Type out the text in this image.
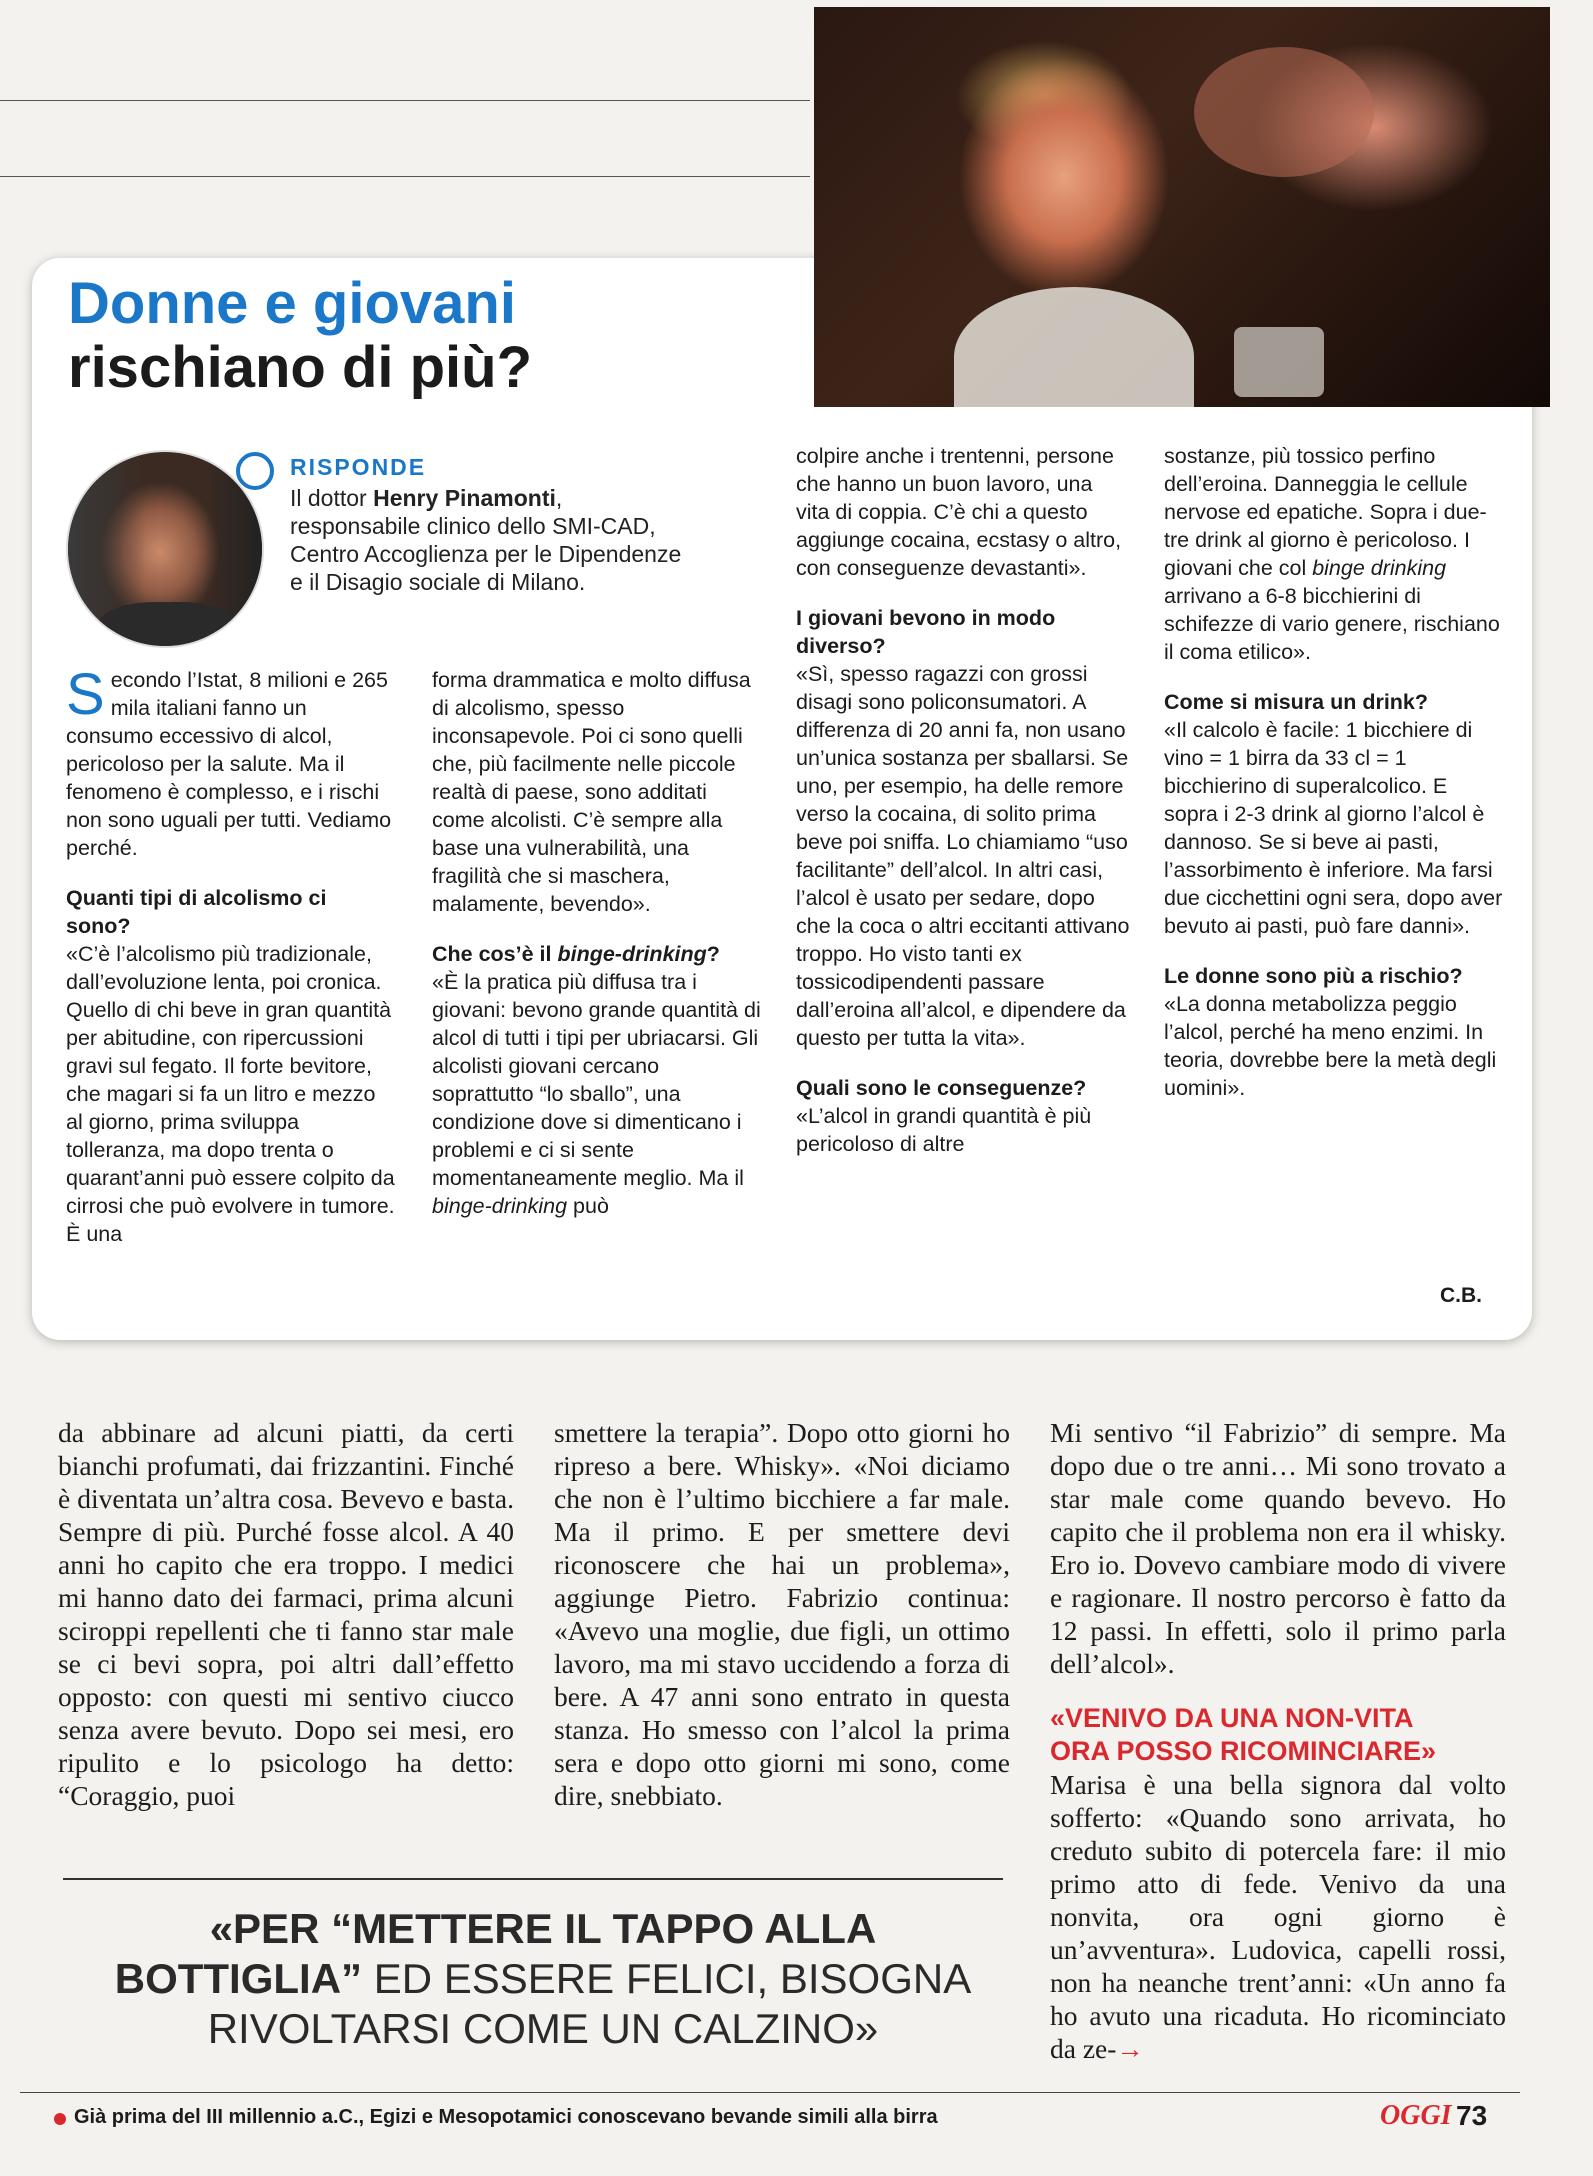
Donne e giovani
rischiano di più?
RISPONDE
Il dottor Henry Pinamonti,
responsabile clinico dello SMI-CAD,
Centro Accoglienza per le Dipendenze
e il Disagio sociale di Milano.

Secondo l’Istat, 8 milioni e 265 mila italiani fanno un consumo eccessivo di alcol, pericoloso per la salute. Ma il fenomeno è complesso, e i rischi non sono uguali per tutti. Vediamo perché.

Quanti tipi di alcolismo ci sono?

«C’è l’alcolismo più tradizionale, dall’evoluzione lenta, poi cronica. Quello di chi beve in gran quantità per abitudine, con ripercussioni gravi sul fegato. Il forte bevitore, che magari si fa un litro e mezzo al giorno, prima sviluppa tolleranza, ma dopo trenta o quarant’anni può essere colpito da cirrosi che può evolvere in tumore. È una

forma drammatica e molto diffusa di alcolismo, spesso inconsapevole. Poi ci sono quelli che, più facilmente nelle piccole realtà di paese, sono additati come alcolisti. C’è sempre alla base una vulnerabilità, una fragilità che si maschera, malamente, bevendo».

Che cos’è il binge-drinking?

«È la pratica più diffusa tra i giovani: bevono grande quantità di alcol di tutti i tipi per ubriacarsi. Gli alcolisti giovani cercano soprattutto “lo sballo”, una condizione dove si dimenticano i problemi e ci si sente momentaneamente meglio. Ma il binge-drinking può

colpire anche i trentenni, persone che hanno un buon lavoro, una vita di coppia. C’è chi a questo aggiunge cocaina, ecstasy o altro, con conseguenze devastanti».

I giovani bevono in modo diverso?

«Sì, spesso ragazzi con grossi disagi sono policonsumatori. A differenza di 20 anni fa, non usano un’unica sostanza per sballarsi. Se uno, per esempio, ha delle remore verso la cocaina, di solito prima beve poi sniffa. Lo chiamiamo “uso facilitante” dell’alcol. In altri casi, l’alcol è usato per sedare, dopo che la coca o altri eccitanti attivano troppo. Ho visto tanti ex tossicodipendenti passare dall’eroina all’alcol, e dipendere da questo per tutta la vita».

Quali sono le conseguenze?

«L’alcol in grandi quantità è più pericoloso di altre

sostanze, più tossico perfino dell’eroina. Danneggia le cellule nervose ed epatiche. Sopra i due-tre drink al giorno è pericoloso. I giovani che col binge drinking arrivano a 6-8 bicchierini di schifezze di vario genere, rischiano il coma etilico».

Come si misura un drink?

«Il calcolo è facile: 1 bicchiere di vino = 1 birra da 33 cl = 1 bicchierino di superalcolico. E sopra i 2-3 drink al giorno l’alcol è dannoso. Se si beve ai pasti, l’assorbimento è inferiore. Ma farsi due cicchettini ogni sera, dopo aver bevuto ai pasti, può fare danni».

Le donne sono più a rischio?

«La donna metabolizza peggio l’alcol, perché ha meno enzimi. In teoria, dovrebbe bere la metà degli uomini».

C.B.

da abbinare ad alcuni piatti, da certi bianchi profumati, dai frizzantini. Finché è diventata un’altra cosa. Bevevo e basta. Sempre di più. Purché fosse alcol. A 40 anni ho capito che era troppo. I medici mi hanno dato dei farmaci, prima alcuni sciroppi repellenti che ti fanno star male se ci bevi sopra, poi altri dall’effetto opposto: con questi mi sentivo ciucco senza avere bevuto. Dopo sei mesi, ero ripulito e lo psicologo ha detto: “Coraggio, puoi

smettere la terapia”. Dopo otto giorni ho ripreso a bere. Whisky». «Noi diciamo che non è l’ultimo bicchiere a far male. Ma il primo. E per smettere devi riconoscere che hai un problema», aggiunge Pietro. Fabrizio continua: «Avevo una moglie, due figli, un ottimo lavoro, ma mi stavo uccidendo a forza di bere. A 47 anni sono entrato in questa stanza. Ho smesso con l’alcol la prima sera e dopo otto giorni mi sono, come dire, snebbiato.

Mi sentivo “il Fabrizio” di sempre. Ma dopo due o tre anni… Mi sono trovato a star male come quando bevevo. Ho capito che il problema non era il whisky. Ero io. Dovevo cambiare modo di vivere e ragionare. Il nostro percorso è fatto da 12 passi. In effetti, solo il primo parla dell’alcol».

«VENIVO DA UNA NON-VITA
ORA POSSO RICOMINCIARE»

Marisa è una bella signora dal volto sofferto: «Quando sono arrivata, ho creduto subito di potercela fare: il mio primo atto di fede. Venivo da una nonvita, ora ogni giorno è un’avventura». Ludovica, capelli rossi, non ha neanche trent’anni: «Un anno fa ho avuto una ricaduta. Ho ricominciato da ze-→

«PER “METTERE IL TAPPO ALLA
BOTTIGLIA” ED ESSERE FELICI, BISOGNA
RIVOLTARSI COME UN CALZINO»
Già prima del III millennio a.C., Egizi e Mesopotamici conoscevano bevande simili alla birra	OGGI 73
